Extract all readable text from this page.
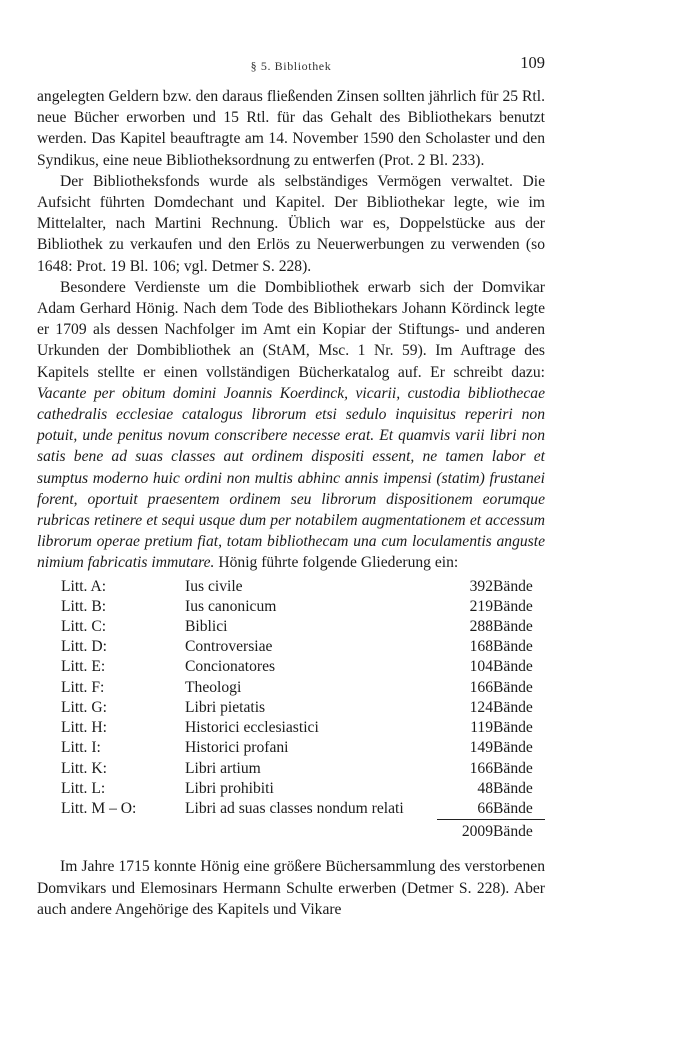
§ 5. Bibliothek	109

angelegten Geldern bzw. den daraus fließenden Zinsen sollten jährlich für 25 Rtl. neue Bücher erworben und 15 Rtl. für das Gehalt des Bibliothekars benutzt werden. Das Kapitel beauftragte am 14. November 1590 den Scholaster und den Syndikus, eine neue Bibliotheksordnung zu entwerfen (Prot. 2 Bl. 233).

Der Bibliotheksfonds wurde als selbständiges Vermögen verwaltet. Die Aufsicht führten Domdechant und Kapitel. Der Bibliothekar legte, wie im Mittelalter, nach Martini Rechnung. Üblich war es, Doppelstücke aus der Bibliothek zu verkaufen und den Erlös zu Neuerwerbungen zu verwenden (so 1648: Prot. 19 Bl. 106; vgl. Detmer S. 228).

Besondere Verdienste um die Dombibliothek erwarb sich der Domvikar Adam Gerhard Hönig. Nach dem Tode des Bibliothekars Johann Kördinck legte er 1709 als dessen Nachfolger im Amt ein Kopiar der Stiftungs- und anderen Urkunden der Dombibliothek an (StAM, Msc. 1 Nr. 59). Im Auftrage des Kapitels stellte er einen vollständigen Bücherkatalog auf. Er schreibt dazu: Vacante per obitum domini Joannis Koerdinck, vicarii, custodia bibliothecae cathedralis ecclesiae catalogus librorum etsi sedulo inquisitus reperiri non potuit, unde penitus novum conscribere necesse erat. Et quamvis varii libri non satis bene ad suas classes aut ordinem dispositi essent, ne tamen labor et sumptus moderno huic ordini non multis abhinc annis impensi (statim) frustanei forent, oportuit praesentem ordinem seu librorum dispositionem eorumque rubricas retinere et sequi usque dum per notabilem augmentationem et accessum librorum operae pretium fiat, totam bibliothecam una cum loculamentis anguste nimium fabricatis immutare. Hönig führte folgende Gliederung ein:

Litt. A:	Ius civile	392	Bände
Litt. B:	Ius canonicum	219	Bände
Litt. C:	Biblici	288	Bände
Litt. D:	Controversiae	168	Bände
Litt. E:	Concionatores	104	Bände
Litt. F:	Theologi	166	Bände
Litt. G:	Libri pietatis	124	Bände
Litt. H:	Historici ecclesiastici	119	Bände
Litt. I:	Historici profani	149	Bände
Litt. K:	Libri artium	166	Bände
Litt. L:	Libri prohibiti	48	Bände
Litt. M – O:	Libri ad suas classes nondum relati	66	Bände
		2009	Bände

Im Jahre 1715 konnte Hönig eine größere Büchersammlung des verstorbenen Domvikars und Elemosinars Hermann Schulte erwerben (Detmer S. 228). Aber auch andere Angehörige des Kapitels und Vikare
